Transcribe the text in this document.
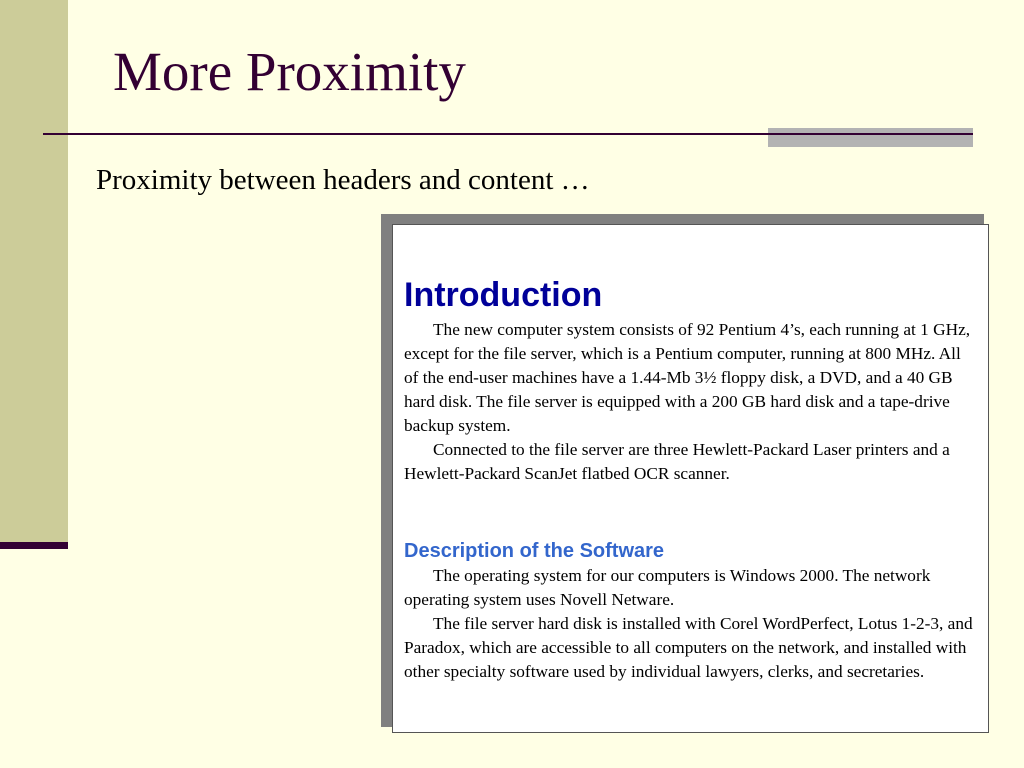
More Proximity

Proximity between headers and content …

Introduction

The new computer system consists of 92 Pentium 4’s, each running at 1 GHz, except for the file server, which is a Pentium computer, running at 800 MHz. All of the end-user machines have a 1.44-Mb 3½ floppy disk, a DVD, and a 40 GB hard disk. The file server is equipped with a 200 GB hard disk and a tape-drive backup system.

Connected to the file server are three Hewlett-Packard Laser printers and a Hewlett-Packard ScanJet flatbed OCR scanner.

Description of the Software

The operating system for our computers is Windows 2000. The network operating system uses Novell Netware.

The file server hard disk is installed with Corel WordPerfect, Lotus 1-2-3, and Paradox, which are accessible to all computers on the network, and installed with other specialty software used by individual lawyers, clerks, and secretaries.
